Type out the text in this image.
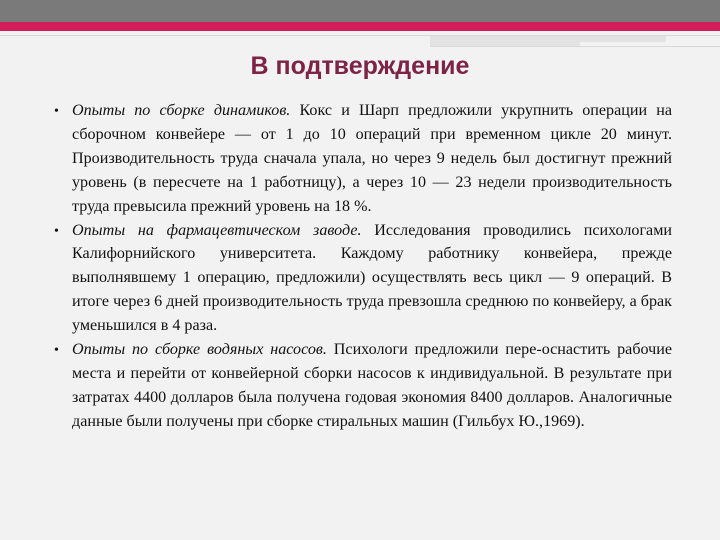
В подтверждение
• Опыты по сборке динамиков. Кокс и Шарп предложили укрупнить операции на сборочном конвейере — от 1 до 10 операций при временном цикле 20 минут. Производительность труда сначала упала, но через 9 недель был достигнут прежний уровень (в пересчете на 1 работницу), а через 10 — 23 недели производительность труда превысила прежний уровень на 18 %.
• Опыты на фармацевтическом заводе. Исследования проводились психологами Калифорнийского университета. Каждому работнику конвейера, прежде выполнявшему 1 операцию, предложили) осуществлять весь цикл — 9 операций. В итоге через 6 дней производительность труда превзошла среднюю по конвейеру, а брак уменьшился в 4 раза.
• Опыты по сборке водяных насосов. Психологи предложили пере-оснастить рабочие места и перейти от конвейерной сборки насосов к индивидуальной. В результате при затратах 4400 долларов была получена годовая экономия 8400 долларов. Аналогичные данные были получены при сборке стиральных машин (Гильбух Ю.,1969).
